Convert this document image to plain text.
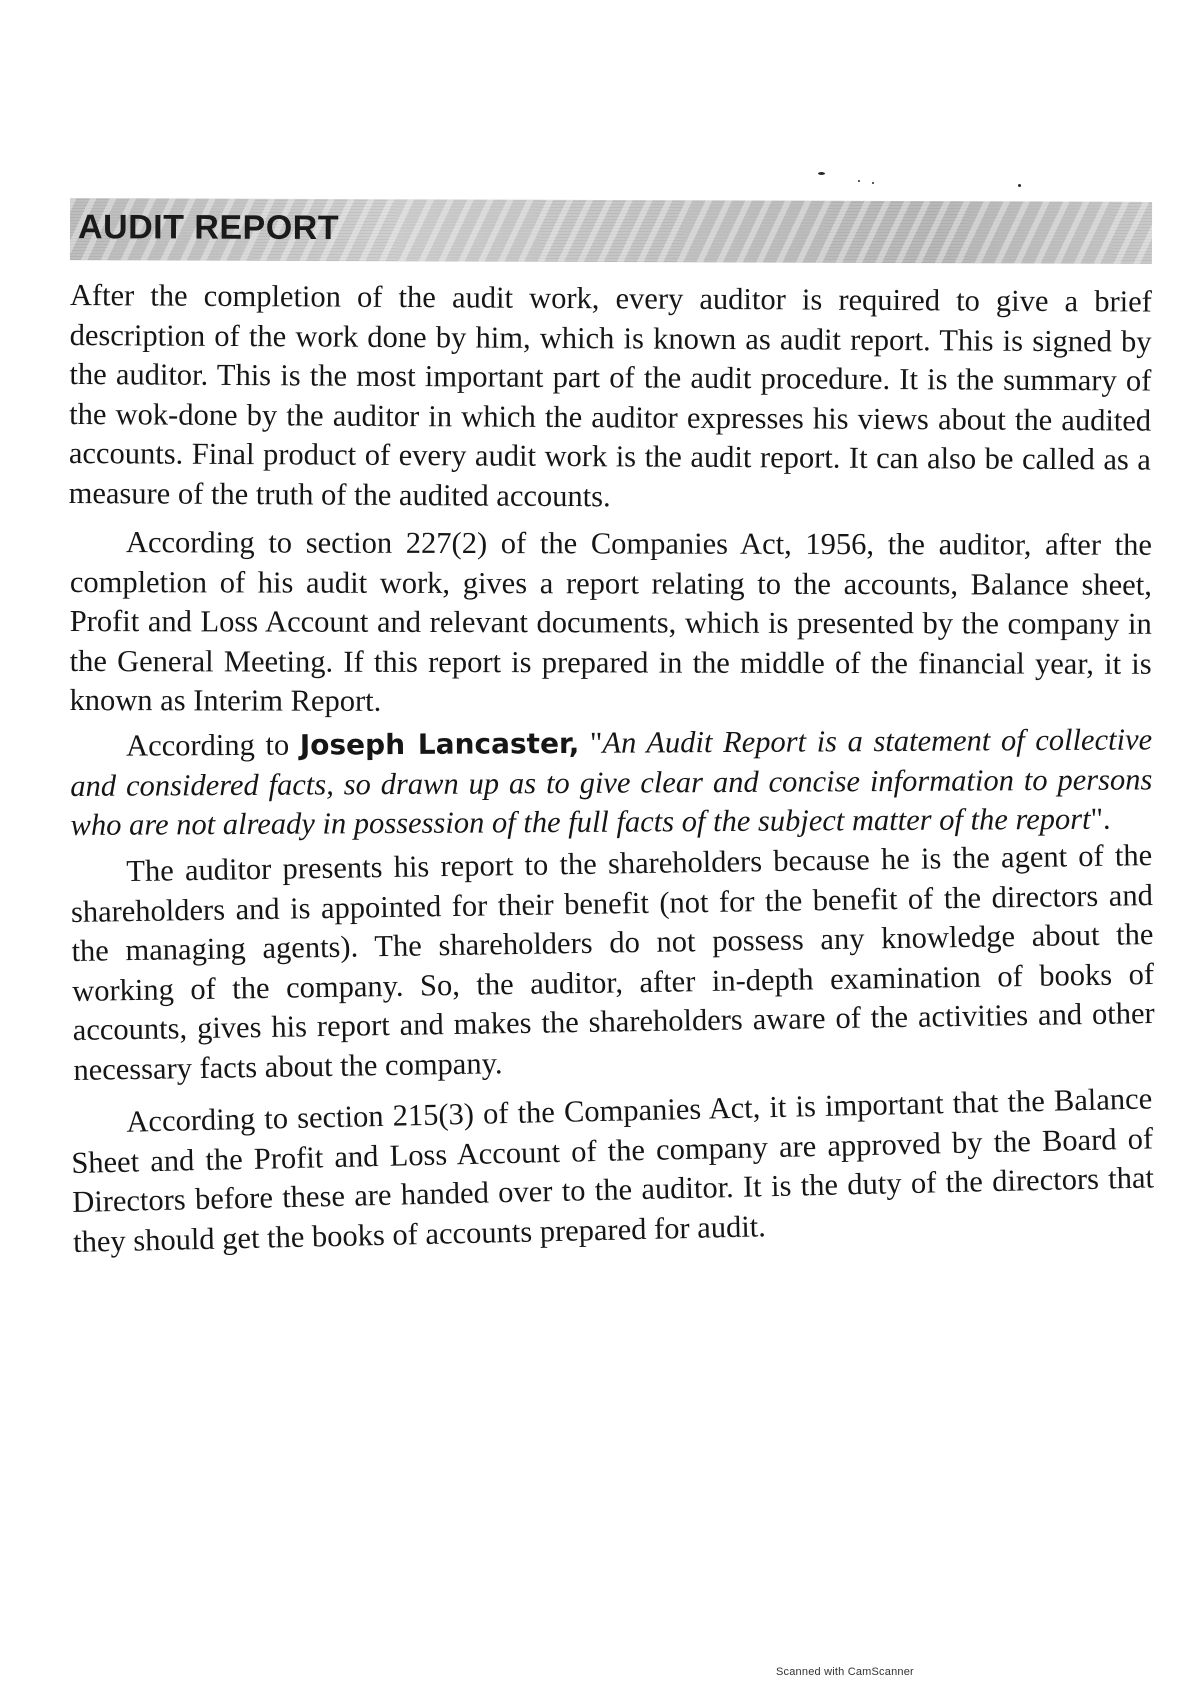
AUDIT REPORT

After the completion of the audit work, every auditor is required to give a brief description of the work done by him, which is known as audit report. This is signed by the auditor. This is the most important part of the audit procedure. It is the summary of the wok-done by the auditor in which the auditor expresses his views about the audited accounts. Final product of every audit work is the audit report. It can also be called as a measure of the truth of the audited accounts.

According to section 227(2) of the Companies Act, 1956, the auditor, after the completion of his audit work, gives a report relating to the accounts, Balance sheet, Profit and Loss Account and relevant documents, which is presented by the company in the General Meeting. If this report is prepared in the middle of the financial year, it is known as Interim Report.

According to Joseph Lancaster, "An Audit Report is a statement of collective and considered facts, so drawn up as to give clear and concise information to persons who are not already in possession of the full facts of the subject matter of the report".

The auditor presents his report to the shareholders because he is the agent of the shareholders and is appointed for their benefit (not for the benefit of the directors and the managing agents). The shareholders do not possess any knowledge about the working of the company. So, the auditor, after in-depth examination of books of accounts, gives his report and makes the shareholders aware of the activities and other necessary facts about the company.

According to section 215(3) of the Companies Act, it is important that the Balance Sheet and the Profit and Loss Account of the company are approved by the Board of Directors before these are handed over to the auditor. It is the duty of the directors that they should get the books of accounts prepared for audit.

Scanned with CamScanner
